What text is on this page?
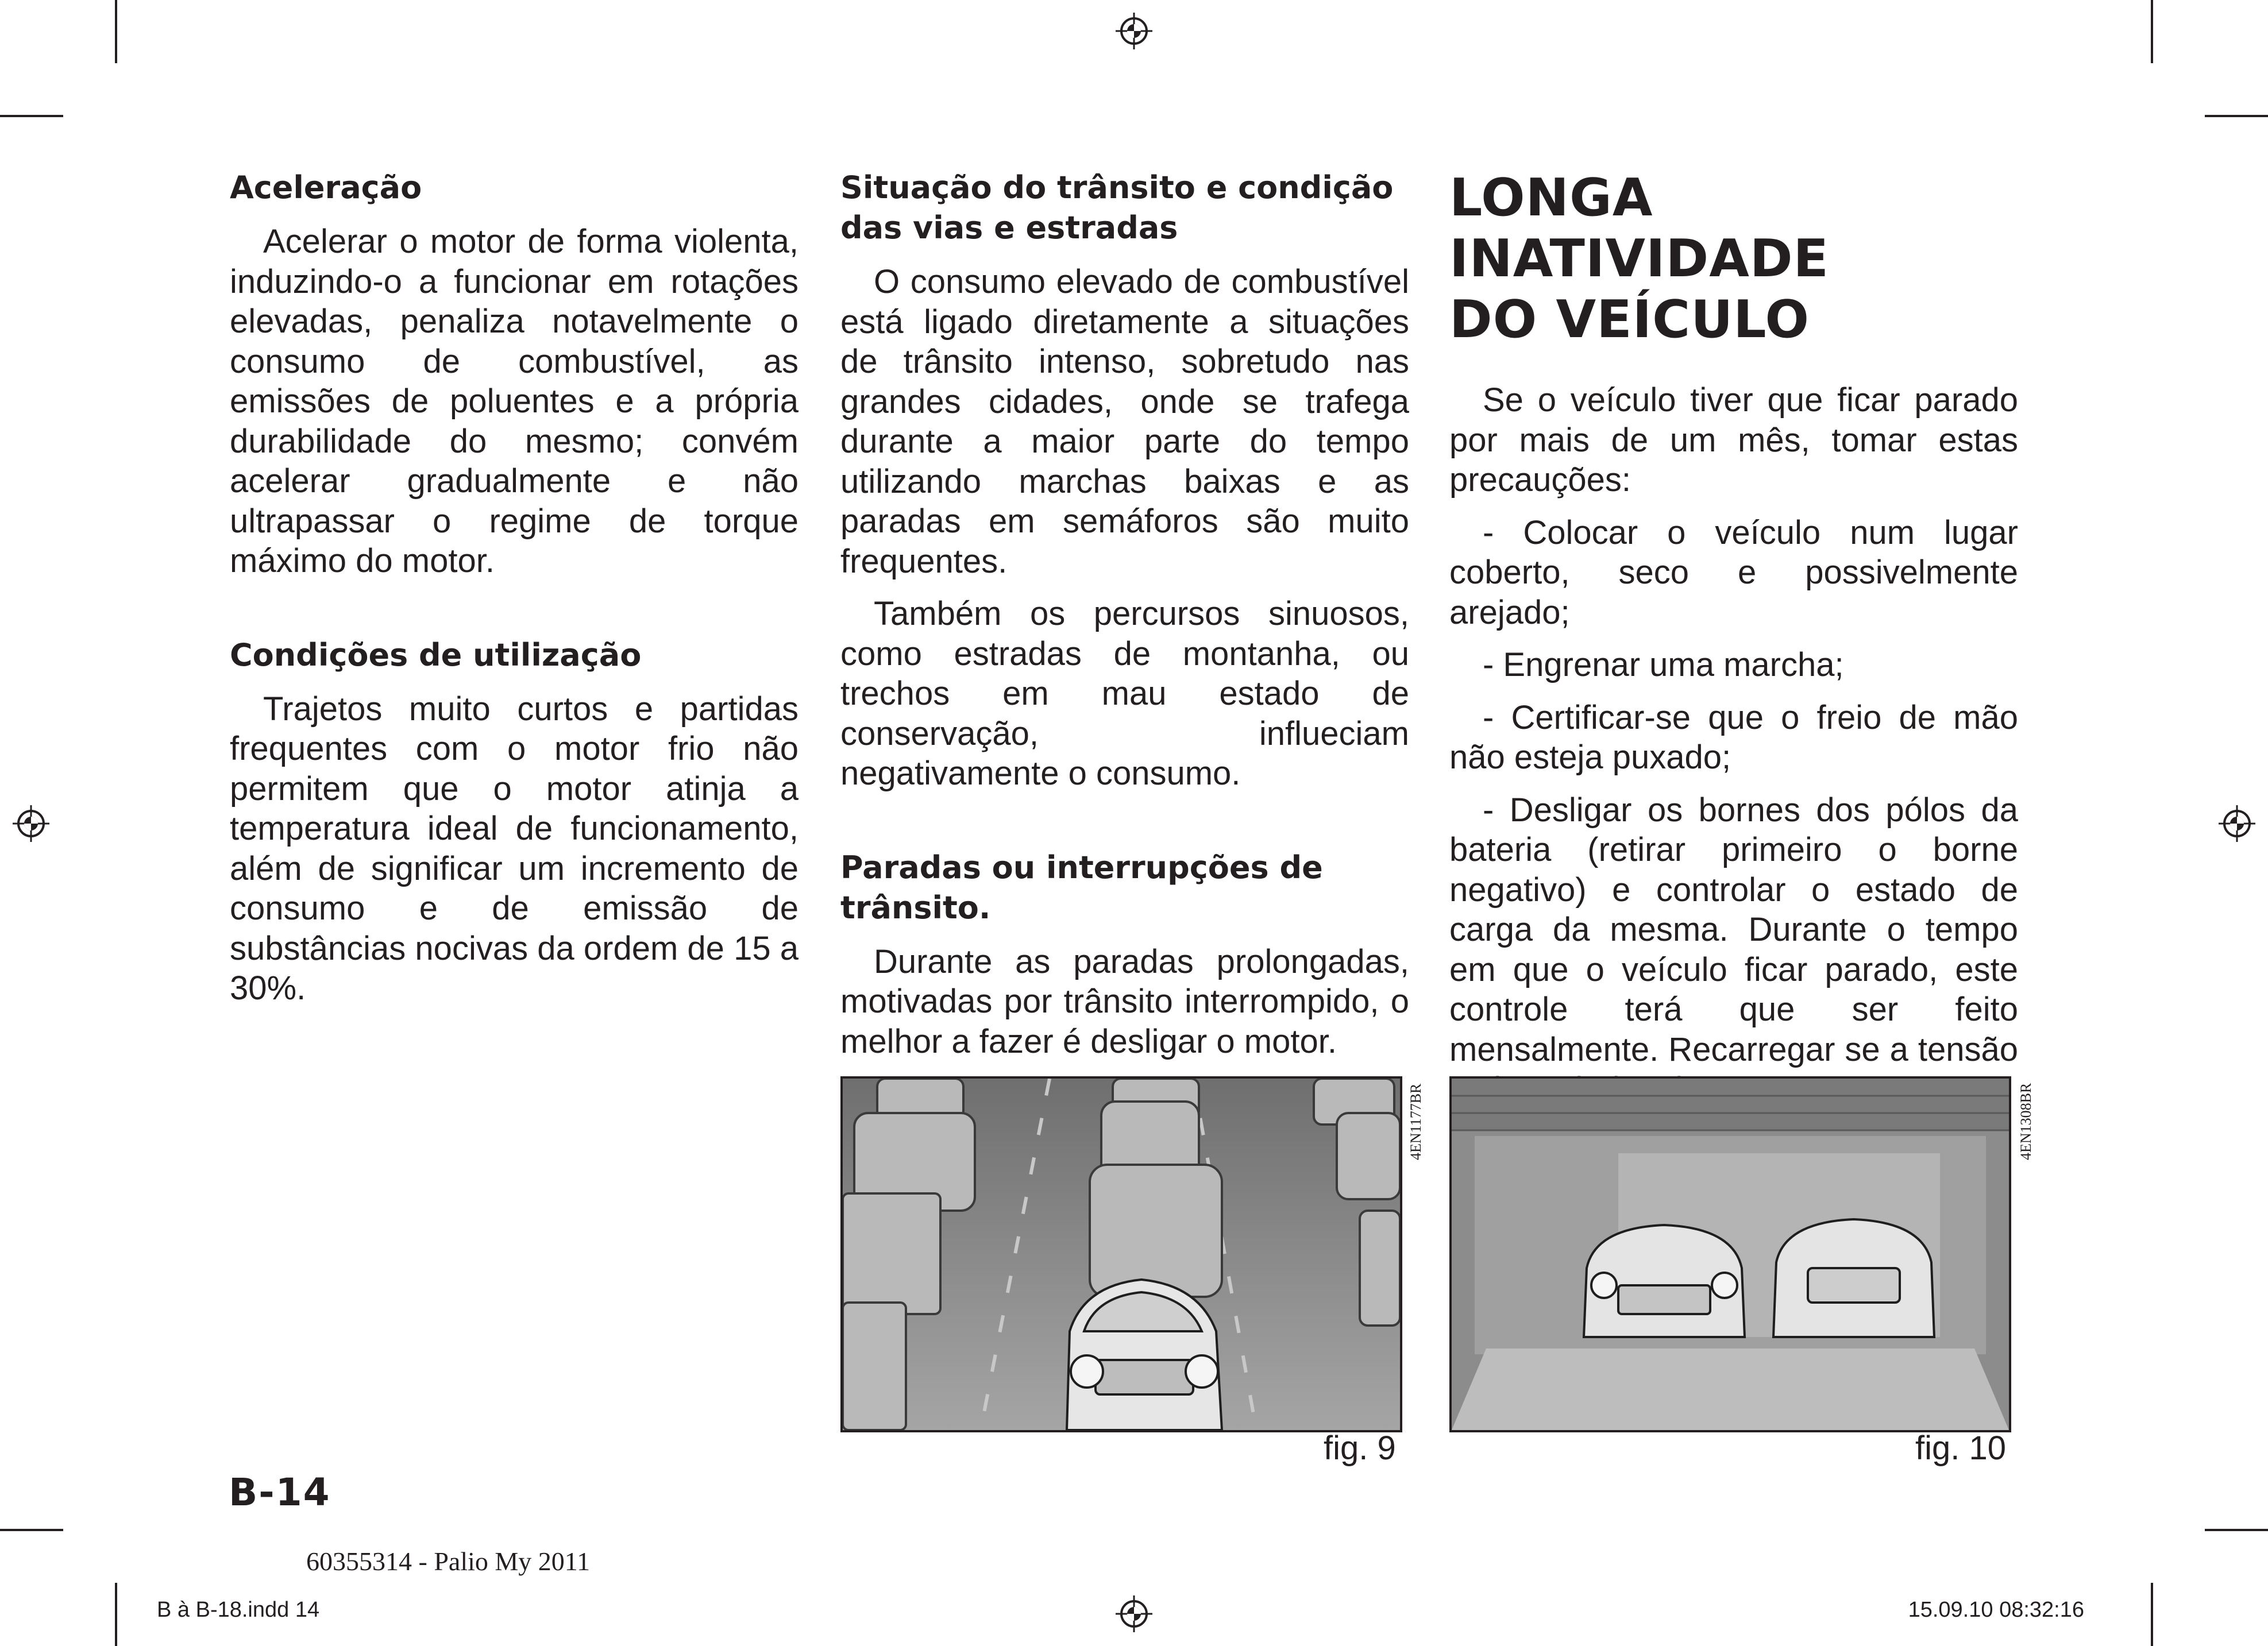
Aceleração

Acelerar o motor de forma violenta, induzindo-o a funcionar em rotações elevadas, penaliza notavelmente o consumo de combustível, as emissões de poluentes e a própria durabilidade do mesmo; convém acelerar gradualmente e não ultrapassar o regime de torque máximo do motor.

Condições de utilização

Trajetos muito curtos e partidas frequentes com o motor frio não permitem que o motor atinja a temperatura ideal de funcionamento, além de significar um incremento de consumo e de emissão de substâncias nocivas da ordem de 15 a 30%.

Situação do trânsito e condição das vias e estradas

O consumo elevado de combustível está ligado diretamente a situações de trânsito intenso, sobretudo nas grandes cidades, onde se trafega durante a maior parte do tempo utilizando marchas baixas e as paradas em semáforos são muito frequentes.

Também os percursos sinuosos, como estradas de montanha, ou trechos em mau estado de conservação, influeciam negativamente o consumo.

Paradas ou interrupções de trânsito.

Durante as paradas prolongadas, motivadas por trânsito interrompido, o melhor a fazer é desligar o motor.

LONGA
INATIVIDADE
DO VEÍCULO

Se o veículo tiver que ficar parado por mais de um mês, tomar estas precauções:

- Colocar o veículo num lugar coberto, seco e possivelmente arejado;

- Engrenar uma marcha;

- Certificar-se que o freio de mão não esteja puxado;

- Desligar os bornes dos pólos da bateria (retirar primeiro o borne negativo) e controlar o estado de carga da mesma. Durante o tempo em que o veículo ficar parado, este controle terá que ser feito mensalmente. Recarregar se a tensão

4EN1177BR
fig. 9
4EN1308BR
fig. 10
B-14
60355314 - Palio My 2011
B à B-18.indd 14	15.09.10 08:32:16
